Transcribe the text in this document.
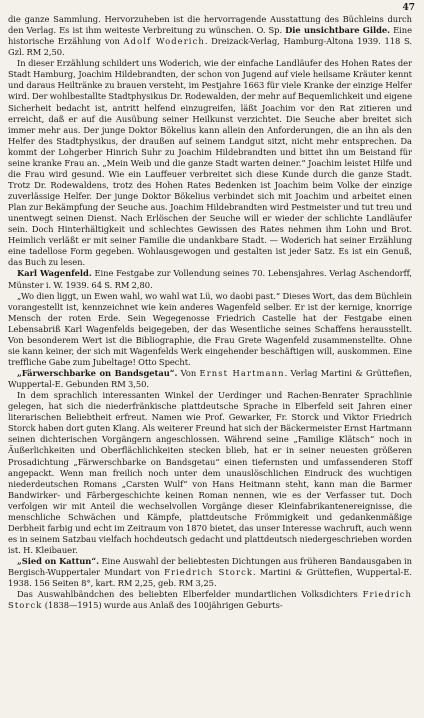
47

die ganze Sammlung. Hervorzuheben ist die hervorragende Ausstattung des Büchleins durch den Verlag. Es ist ihm weiteste Verbreitung zu wünschen. O. Sp. Die unsichtbare Gilde. Eine historische Erzählung von Adolf Woderich. Dreizack-Verlag, Hamburg-Altona 1939. 118 S. Gzl. RM 2,50.

In dieser Erzählung schildert uns Woderich, wie der einfache Landläufer des Hohen Rates der Stadt Hamburg, Joachim Hildebrandten, der schon von Jugend auf viele heilsame Kräuter kennt und daraus Heiltränke zu brauen versteht, im Pestjahre 1663 für viele Kranke der einzige Helfer wird. Der wohlbestallte Stadtphysikus Dr. Rodewalden, der mehr auf Bequemlichkeit und eigene Sicherheit bedacht ist, antritt helfend einzugreifen, läßt Joachim vor den Rat zitieren und erreicht, daß er auf die Ausübung seiner Heilkunst verzichtet. Die Seuche aber breitet sich immer mehr aus. Der junge Doktor Bökelius kann allein den Anforderungen, die an ihn als den Helfer des Stadtphysikus, der draußen auf seinem Landgut sitzt, nicht mehr entsprechen. Da kommt der Lohgerber Hinrich Suhr zu Joachim Hildebrandten und bittet ihn um Beistand für seine kranke Frau an. „Mein Weib und die ganze Stadt warten deiner.“ Joachim leistet Hilfe und die Frau wird gesund. Wie ein Lauffeuer verbreitet sich diese Kunde durch die ganze Stadt. Trotz Dr. Rodewaldens, trotz des Hohen Rates Bedenken ist Joachim beim Volke der einzige zuverlässige Helfer. Der junge Doktor Bökelius verbindet sich mit Joachim und arbeitet einen Plan zur Bekämpfung der Seuche aus. Joachim Hildebrandten wird Pestmeister und tut treu und unentwegt seinen Dienst. Nach Erlöschen der Seuche will er wieder der schlichte Landläufer sein. Doch Hinterhältigkeit und schlechtes Gewissen des Rates nehmen ihm Lohn und Brot. Heimlich verläßt er mit seiner Familie die undankbare Stadt. — Woderich hat seiner Erzählung eine tadellose Form gegeben. Wohlausgewogen und gestalten ist jeder Satz. Es ist ein Genuß, das Buch zu lesen.

Karl Wagenfeld. Eine Festgabe zur Vollendung seines 70. Lebensjahres. Verlag Aschendorff, Münster i. W. 1939. 64 S. RM 2,80.

„Wo dien liggt, un Ewen wahl, wo wahl wat Lü, wo daobi past.“ Dieses Wort, das dem Büchlein vorangestellt ist, kennzeichnet wie kein anderes Wagenfeld selber. Er ist der kernige, knorrige Mensch der roten Erde. Sein Wegegenosse Friedrich Castelle hat der Festgabe einen Lebensabriß Karl Wagenfelds beigegeben, der das Wesentliche seines Schaffens herausstellt. Von besonderem Wert ist die Bibliographie, die Frau Grete Wagenfeld zusammenstellte. Ohne sie kann keiner, der sich mit Wagenfelds Werk eingehender beschäftigen will, auskommen. Eine treffliche Gabe zum Jubeltage! Otto Specht.

„Färwerschbarke on Bandsgetau“. Von Ernst Hartmann. Verlag Martini & Grüttefien, Wuppertal-E. Gebunden RM 3,50.

In dem sprachlich interessanten Winkel der Uerdinger und Rachen-Benrater Sprachlinie gelegen, hat sich die niederfränkische plattdeutsche Sprache in Elberfeld seit Jahren einer literarischen Beliebtheit erfreut. Namen wie Prof. Gewarker, Fr. Storck und Viktor Friedrich Storck haben dort guten Klang. Als weiterer Freund hat sich der Bäckermeister Ernst Hartmann seinen dichterischen Vorgängern angeschlossen. Während seine „Familige Klätsch“ noch in Äußerlichkeiten und Oberflächlichkeiten stecken blieb, hat er in seiner neuesten größeren Prosadichtung „Färwerschbarke on Bandsgetau“ einen tiefernsten und umfassenderen Stoff angepackt. Wenn man freilich noch unter dem unauslöschlichen Eindruck des wuchtigen niederdeutschen Romans „Carsten Wulf“ von Hans Heitmann steht, kann man die Barmer Bandwirker- und Färbergeschichte keinen Roman nennen, wie es der Verfasser tut. Doch verfolgen wir mit Anteil die wechselvollen Vorgänge dieser Kleinfabrikantenereignisse, die menschliche Schwächen und Kämpfe, plattdeutsche Frömmigkeit und gedankenmäßige Derbheit farbig und echt im Zeitraum von 1870 bietet, das unser Interesse wachruft, auch wenn es in seinem Satzbau vielfach hochdeutsch gedacht und plattdeutsch niedergeschrieben worden ist. H. Kleibauer.

„Sied on Kattun“. Eine Auswahl der beliebtesten Dichtungen aus früheren Bandausgaben in Bergisch-Wuppertaler Mundart von Friedrich Storck. Martini & Grüttefien, Wuppertal-E. 1938. 156 Seiten 8°, kart. RM 2,25, geb. RM 3,25.

Das Auswahlbändchen des beliebten Elberfelder mundartlichen Volksdichters Friedrich Storck (1838—1915) wurde aus Anlaß des 100jährigen Geburts-
